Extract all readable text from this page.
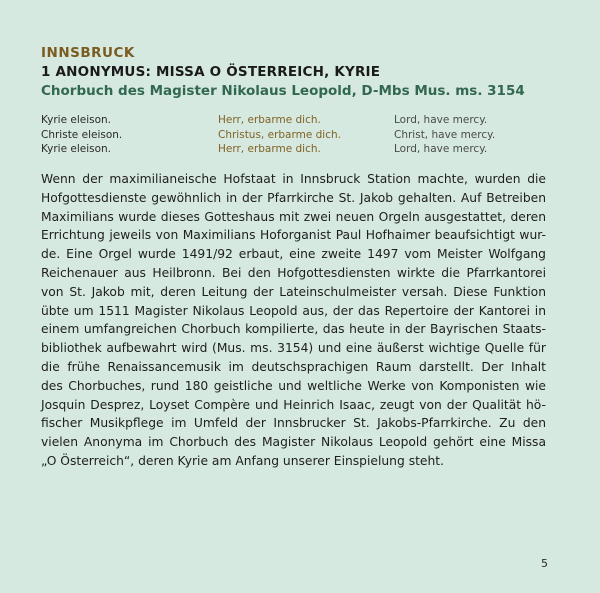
INNSBRUCK
1 ANONYMUS: MISSA O ÖSTERREICH, KYRIE
Chorbuch des Magister Nikolaus Leopold, D-Mbs Mus. ms. 3154
Kyrie eleison.	Herr, erbarme dich.	Lord, have mercy.
Christe eleison.	Christus, erbarme dich.	Christ, have mercy.
Kyrie eleison.	Herr, erbarme dich.	Lord, have mercy.
Wenn der maximilianeische Hofstaat in Innsbruck Station machte, wurden die
Hofgottesdienste gewöhnlich in der Pfarrkirche St. Jakob gehalten. Auf Betreiben
Maximilians wurde dieses Gotteshaus mit zwei neuen Orgeln ausgestattet, deren
Errichtung jeweils von Maximilians Hoforganist Paul Hofhaimer beaufsichtigt wur-
de. Eine Orgel wurde 1491/92 erbaut, eine zweite 1497 vom Meister Wolfgang
Reichenauer aus Heilbronn. Bei den Hofgottesdiensten wirkte die Pfarrkantorei
von St. Jakob mit, deren Leitung der Lateinschulmeister versah. Diese Funktion
übte um 1511 Magister Nikolaus Leopold aus, der das Repertoire der Kantorei in
einem umfangreichen Chorbuch kompilierte, das heute in der Bayrischen Staats-
bibliothek aufbewahrt wird (Mus. ms. 3154) und eine äußerst wichtige Quelle für
die frühe Renaissancemusik im deutschsprachigen Raum darstellt. Der Inhalt
des Chorbuches, rund 180 geistliche und weltliche Werke von Komponisten wie
Josquin Desprez, Loyset Compère und Heinrich Isaac, zeugt von der Qualität hö-
fischer Musikpflege im Umfeld der Innsbrucker St. Jakobs-Pfarrkirche. Zu den
vielen Anonyma im Chorbuch des Magister Nikolaus Leopold gehört eine Missa
„O Österreich“, deren Kyrie am Anfang unserer Einspielung steht.
5
